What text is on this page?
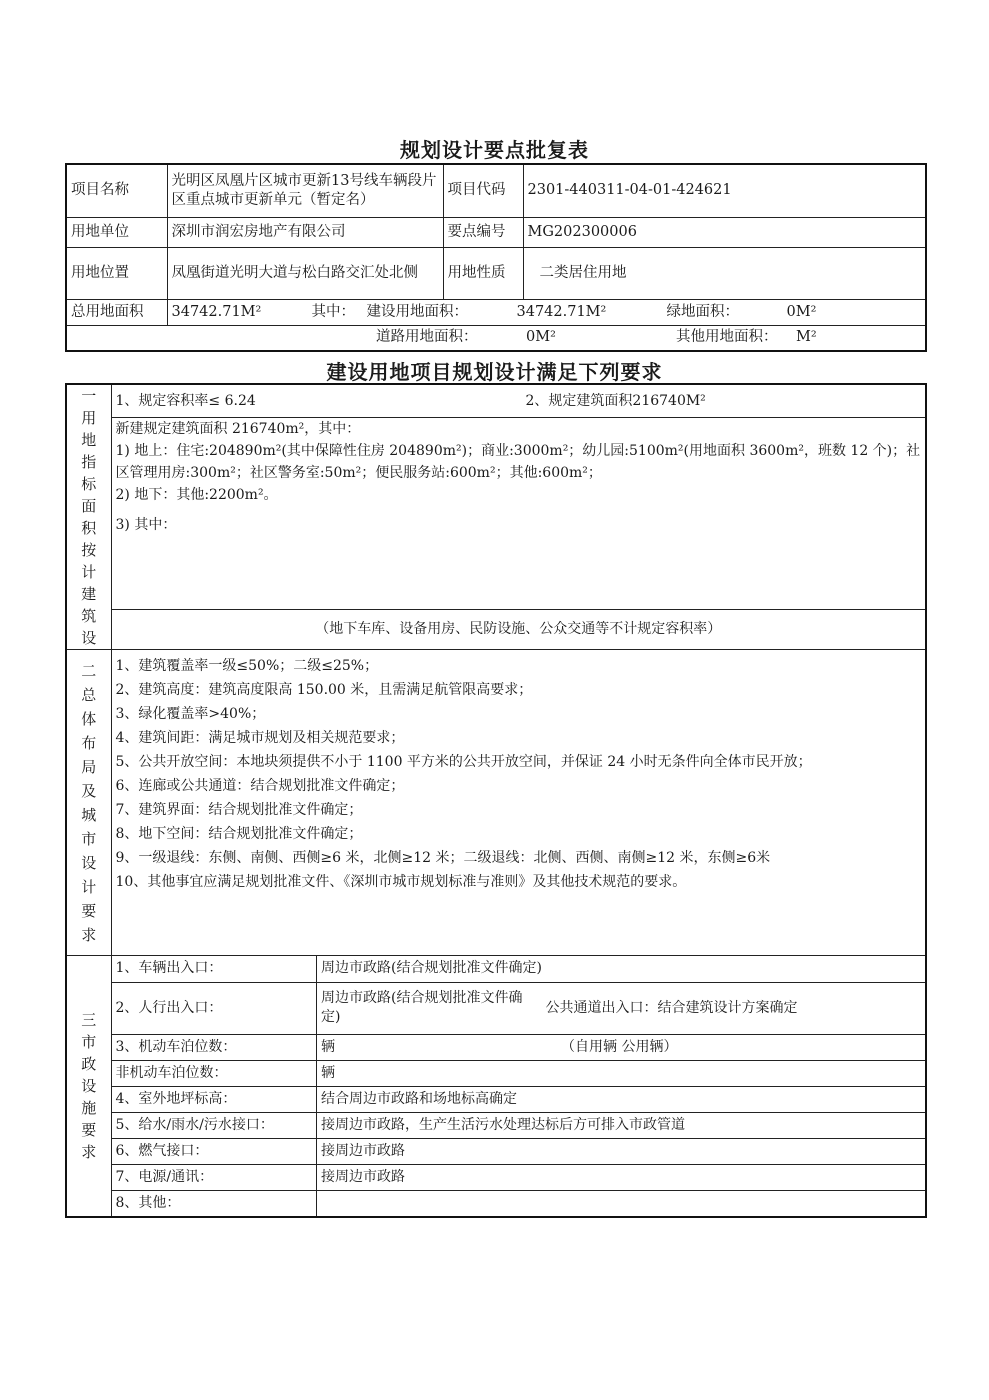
规划设计要点批复表
项目名称	光明区凤凰片区城市更新13号线车辆段片区重点城市更新单元（暂定名）	项目代码	2301-440311-04-01-424621
用地单位	深圳市润宏房地产有限公司	要点编号	MG202300006
用地位置	凤凰街道光明大道与松白路交汇处北侧	用地性质	二类居住用地
总用地面积	34742.71M² 其中： 建设用地面积： 34742.71M² 绿地面积： 0M²		
道路用地面积： 0M² 其他用地面积： M²			
建设用地项目规划设计满足下列要求
一用地指标面积按计建筑设
	1、规定容积率≤ 6.24	2、规定建筑面积216740M²

新建规定建筑面积 216740m²，其中：
1) 地上：住宅:204890m²(其中保障性住房 204890m²)；商业:3000m²；幼儿园:5100m²(用地面积 3600m²，班数 12 个)；社区管理用房:300m²；社区警务室:50m²；便民服务站:600m²；其他:600m²；
2) 地下：其他:2200m²。
3) 其中：

（地下车库、设备用房、民防设施、公众交通等不计规定容积率）

二总体布局及城市设计要求

1、建筑覆盖率一级≤50%；二级≤25%；
2、建筑高度：建筑高度限高 150.00 米，且需满足航管限高要求；
3、绿化覆盖率>40%；
4、建筑间距：满足城市规划及相关规范要求；
5、公共开放空间：本地块须提供不小于 1100 平方米的公共开放空间，并保证 24 小时无条件向全体市民开放；
6、连廊或公共通道：结合规划批准文件确定；
7、建筑界面：结合规划批准文件确定；
8、地下空间：结合规划批准文件确定；
9、一级退线：东侧、南侧、西侧≥6 米，北侧≥12 米；二级退线：北侧、西侧、南侧≥12 米，东侧≥6米
10、其他事宜应满足规划批准文件、《深圳市城市规划标准与准则》及其他技术规范的要求。

三市政设施要求

1、车辆出入口：	周边市政路(结合规划批准文件确定)
2、人行出入口：	周边市政路(结合规划批准文件确定) 公共通道出入口：结合建筑设计方案确定
3、机动车泊位数：	辆	（自用辆 公用辆）
非机动车泊位数：	辆
4、室外地坪标高：	结合周边市政路和场地标高确定
5、给水/雨水/污水接口：	接周边市政路，生产生活污水处理达标后方可排入市政管道
6、燃气接口：	接周边市政路
7、电源/通讯：	接周边市政路
8、其他：	
